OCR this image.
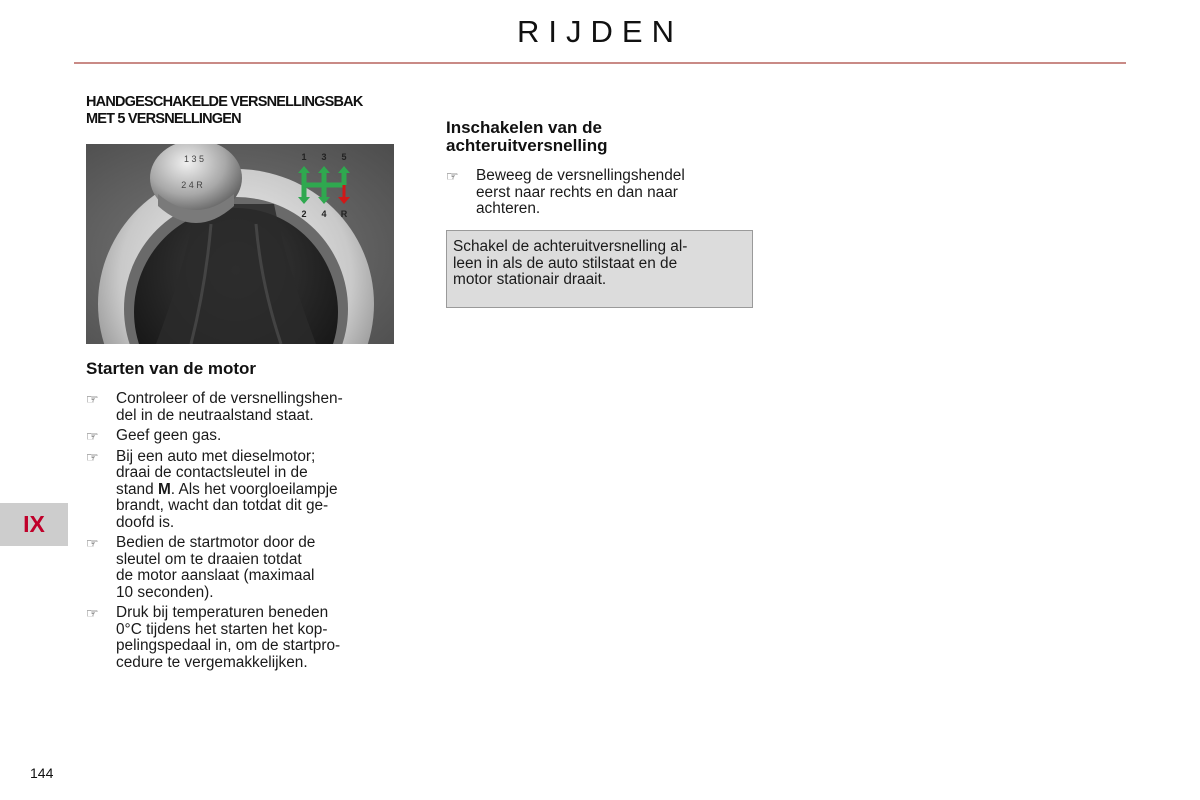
RIJDEN
HANDGESCHAKELDE VERSNELLINGSBAK
MET 5 VERSNELLINGEN
1 3 5
2 4 R
1
2
3
4
5
R
Starten van de motor
☞	Controleer of de versnellingshen-
del in de neutraalstand staat.
☞	Geef geen gas.
☞	Bij een auto met dieselmotor;
draai de contactsleutel in de
stand M. Als het voorgloeilampje
brandt, wacht dan totdat dit ge-
doofd is.
☞	Bedien de startmotor door de
sleutel om te draaien totdat
de motor aanslaat (maximaal
10 seconden).
☞	Druk bij temperaturen beneden
0°C tijdens het starten het kop-
pelingspedaal in, om de startpro-
cedure te vergemakkelijken.
Inschakelen van de
achteruitversnelling
☞	Beweeg de versnellingshendel
eerst naar rechts en dan naar
achteren.
Schakel de achteruitversnelling al-
leen in als de auto stilstaat en de
motor stationair draait.
IX
144
